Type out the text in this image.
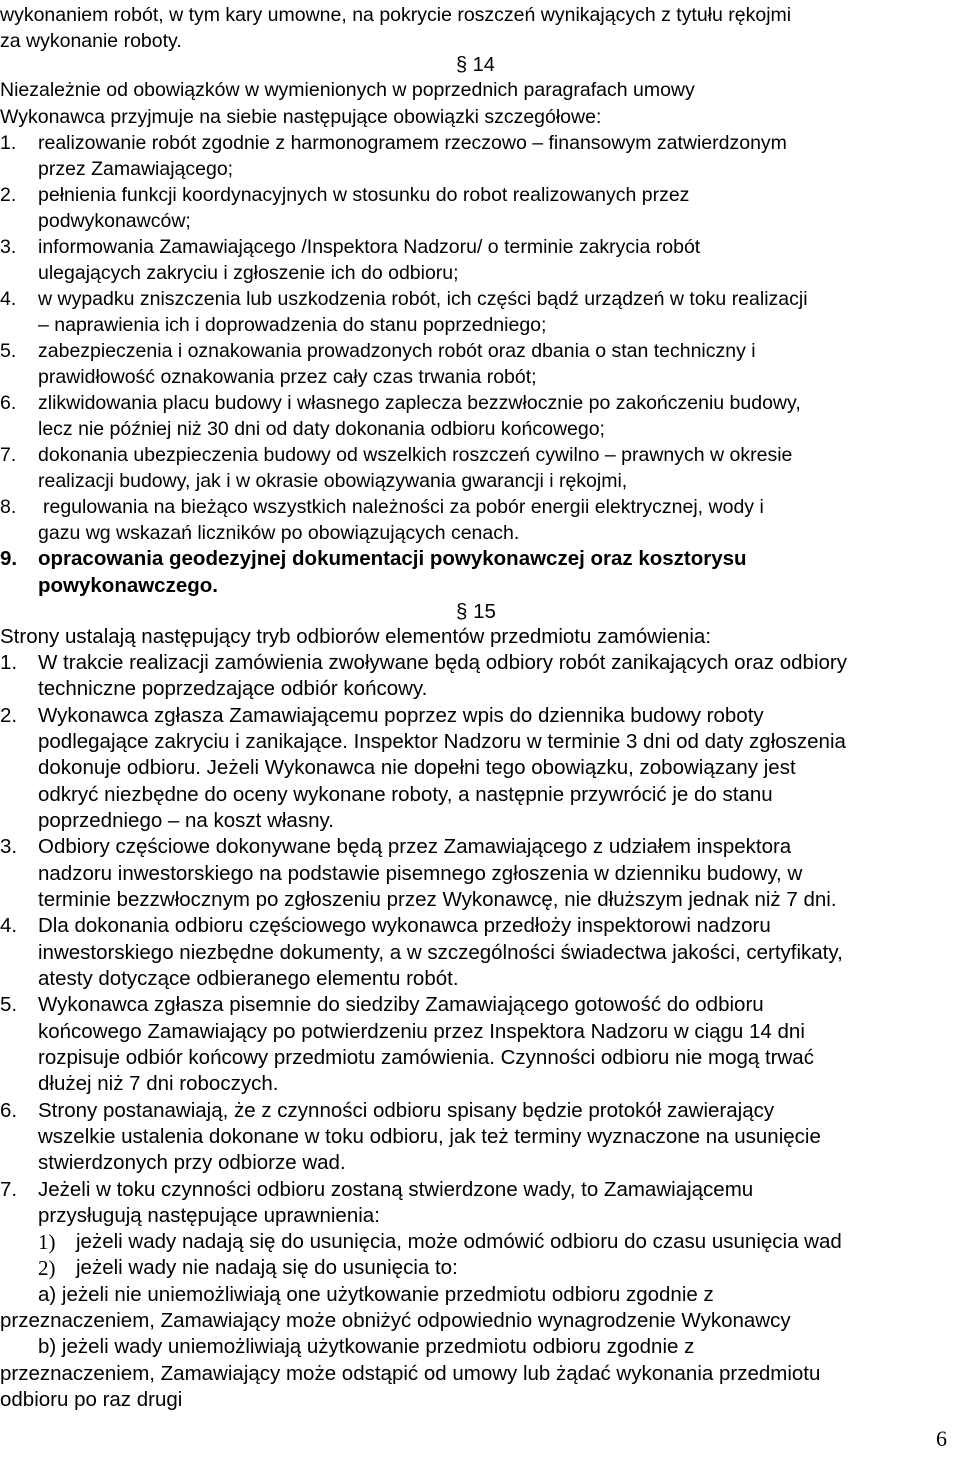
wykonaniem robót, w tym kary umowne, na pokrycie roszczeń wynikających z tytułu rękojmi
za wykonanie roboty.
§ 14
Niezależnie od obowiązków w wymienionych w poprzednich paragrafach umowy
Wykonawca przyjmuje na siebie następujące obowiązki szczegółowe:
1. realizowanie robót zgodnie z harmonogramem rzeczowo – finansowym zatwierdzonym
przez Zamawiającego;
2. pełnienia funkcji koordynacyjnych w stosunku do robot realizowanych przez
podwykonawców;
3. informowania Zamawiającego /Inspektora Nadzoru/ o terminie zakrycia robót
ulegających zakryciu i zgłoszenie ich do odbioru;
4. w wypadku zniszczenia lub uszkodzenia robót, ich części bądź urządzeń w toku realizacji
– naprawienia ich i doprowadzenia do stanu poprzedniego;
5. zabezpieczenia i oznakowania prowadzonych robót oraz dbania o stan techniczny i
prawidłowość oznakowania przez cały czas trwania robót;
6. zlikwidowania placu budowy i własnego zaplecza bezzwłocznie po zakończeniu budowy,
lecz nie później niż 30 dni od daty dokonania odbioru końcowego;
7. dokonania ubezpieczenia budowy od wszelkich roszczeń cywilno – prawnych w okresie
realizacji budowy, jak i w okrasie obowiązywania gwarancji i rękojmi,
8. regulowania na bieżąco wszystkich należności za pobór energii elektrycznej, wody i
gazu wg wskazań liczników po obowiązujących cenach.
9. opracowania geodezyjnej dokumentacji powykonawczej oraz kosztorysu
powykonawczego.
§ 15
Strony ustalają następujący tryb odbiorów elementów przedmiotu zamówienia:
1. W trakcie realizacji zamówienia zwoływane będą odbiory robót zanikających oraz odbiory
techniczne poprzedzające odbiór końcowy.
2. Wykonawca zgłasza Zamawiającemu poprzez wpis do dziennika budowy roboty
podlegające zakryciu i zanikające. Inspektor Nadzoru w terminie 3 dni od daty zgłoszenia
dokonuje odbioru. Jeżeli Wykonawca nie dopełni tego obowiązku, zobowiązany jest
odkryć niezbędne do oceny wykonane roboty, a następnie przywrócić je do stanu
poprzedniego – na koszt własny.
3. Odbiory częściowe dokonywane będą przez Zamawiającego z udziałem inspektora
nadzoru inwestorskiego na podstawie pisemnego zgłoszenia w dzienniku budowy, w
terminie bezzwłocznym po zgłoszeniu przez Wykonawcę, nie dłuższym jednak niż 7 dni.
4. Dla dokonania odbioru częściowego wykonawca przedłoży inspektorowi nadzoru
inwestorskiego niezbędne dokumenty, a w szczególności świadectwa jakości, certyfikaty,
atesty dotyczące odbieranego elementu robót.
5. Wykonawca zgłasza pisemnie do siedziby Zamawiającego gotowość do odbioru
końcowego Zamawiający po potwierdzeniu przez Inspektora Nadzoru w ciągu 14 dni
rozpisuje odbiór końcowy przedmiotu zamówienia. Czynności odbioru nie mogą trwać
dłużej niż 7 dni roboczych.
6. Strony postanawiają, że z czynności odbioru spisany będzie protokół zawierający
wszelkie ustalenia dokonane w toku odbioru, jak też terminy wyznaczone na usunięcie
stwierdzonych przy odbiorze wad.
7. Jeżeli w toku czynności odbioru zostaną stwierdzone wady, to Zamawiającemu
przysługują następujące uprawnienia:
1) jeżeli wady nadają się do usunięcia, może odmówić odbioru do czasu usunięcia wad
2) jeżeli wady nie nadają się do usunięcia to:
a) jeżeli nie uniemożliwiają one użytkowanie przedmiotu odbioru zgodnie z
przeznaczeniem, Zamawiający może obniżyć odpowiednio wynagrodzenie Wykonawcy
b) jeżeli wady uniemożliwiają użytkowanie przedmiotu odbioru zgodnie z
przeznaczeniem, Zamawiający może odstąpić od umowy lub żądać wykonania przedmiotu
odbioru po raz drugi
6
